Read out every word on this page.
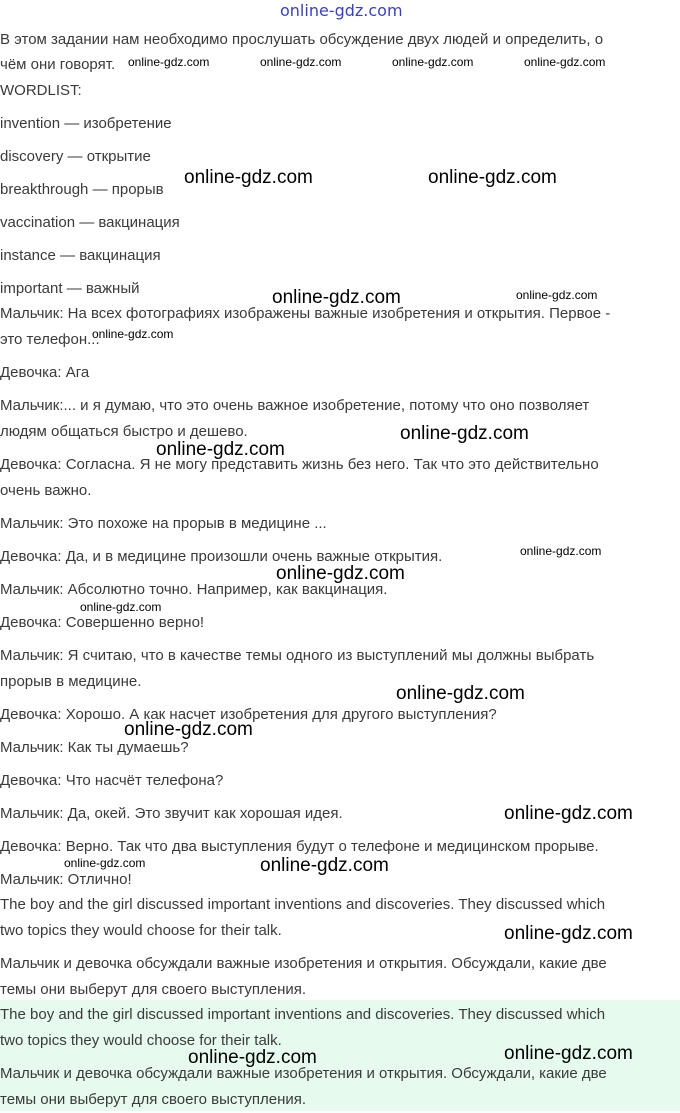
online-gdz.com
В этом задании нам необходимо прослушать обсуждение двух людей и определить, о
чём они говорят.
WORDLIST:
invention — изобретение
discovery — открытие
breakthrough — прорыв
vaccination — вакцинация
instance — вакцинация
important — важный
Мальчик: На всех фотографиях изображены важные изобретения и открытия. Первое -
это телефон...
Девочка: Ага
Мальчик:... и я думаю, что это очень важное изобретение, потому что оно позволяет
людям общаться быстро и дешево.
Девочка: Согласна. Я не могу представить жизнь без него. Так что это действительно
очень важно.
Мальчик: Это похоже на прорыв в медицине ...
Девочка: Да, и в медицине произошли очень важные открытия.
Мальчик: Абсолютно точно. Например, как вакцинация.
Девочка: Совершенно верно!
Мальчик: Я считаю, что в качестве темы одного из выступлений мы должны выбрать
прорыв в медицине.
Девочка: Хорошо. А как насчет изобретения для другого выступления?
Мальчик: Как ты думаешь?
Девочка: Что насчёт телефона?
Мальчик: Да, окей. Это звучит как хорошая идея.
Девочка: Верно. Так что два выступления будут о телефоне и медицинском прорыве.
Мальчик: Отлично!
The boy and the girl discussed important inventions and discoveries. They discussed which
two topics they would choose for their talk.
Мальчик и девочка обсуждали важные изобретения и открытия. Обсуждали, какие две
темы они выберут для своего выступления.
The boy and the girl discussed important inventions and discoveries. They discussed which
two topics they would choose for their talk.
Мальчик и девочка обсуждали важные изобретения и открытия. Обсуждали, какие две
темы они выберут для своего выступления.
online-gdz.com	online-gdz.com	online-gdz.com	online-gdz.com
online-gdz.com	online-gdz.com
online-gdz.com	online-gdz.com
online-gdz.com
online-gdz.com
online-gdz.com
online-gdz.com
online-gdz.com
online-gdz.com
online-gdz.com
online-gdz.com
online-gdz.com
online-gdz.com	online-gdz.com
online-gdz.com
online-gdz.com	online-gdz.com
